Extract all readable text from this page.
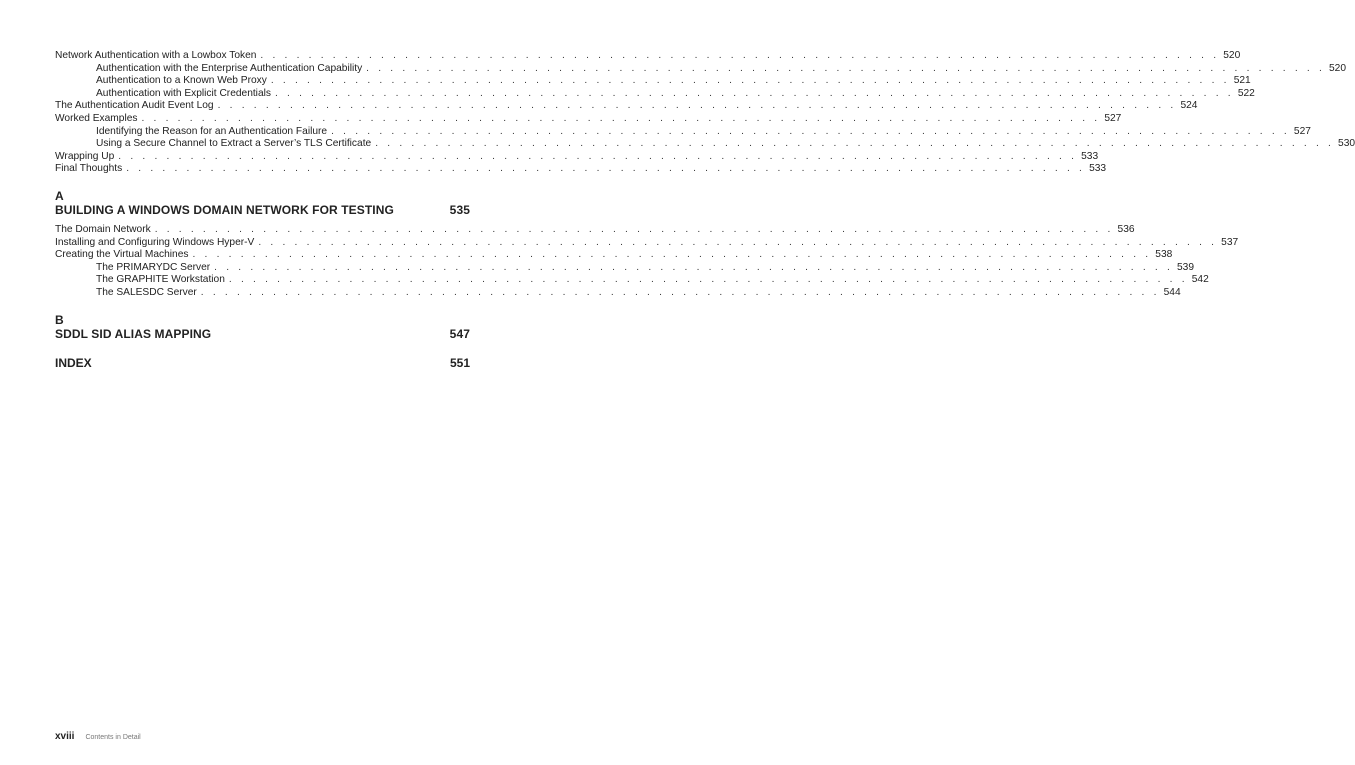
Network Authentication with a Lowbox Token . . . . . . . . . . . . . . . . . . . . . . . . . . . . . . . . . . . . . . . . . . . . . . . . . . . . . . . . . . . . . . . . . . . . . . . . . . . . . . . . 520
Authentication with the Enterprise Authentication Capability . . . . . . . . . . . . . . . . . . . . . . . . . . . . . . . . . . . . . . . . . . . . . . . . . . . . . . . . . . . . . . . . . . . . . . . . . . . . . . . . 520
Authentication to a Known Web Proxy . . . . . . . . . . . . . . . . . . . . . . . . . . . . . . . . . . . . . . . . . . . . . . . . . . . . . . . . . . . . . . . . . . . . . . . . . . . . . . . . 521
Authentication with Explicit Credentials . . . . . . . . . . . . . . . . . . . . . . . . . . . . . . . . . . . . . . . . . . . . . . . . . . . . . . . . . . . . . . . . . . . . . . . . . . . . . . . . 522
The Authentication Audit Event Log . . . . . . . . . . . . . . . . . . . . . . . . . . . . . . . . . . . . . . . . . . . . . . . . . . . . . . . . . . . . . . . . . . . . . . . . . . . . . . . . 524
Worked Examples . . . . . . . . . . . . . . . . . . . . . . . . . . . . . . . . . . . . . . . . . . . . . . . . . . . . . . . . . . . . . . . . . . . . . . . . . . . . . . . . 527
Identifying the Reason for an Authentication Failure . . . . . . . . . . . . . . . . . . . . . . . . . . . . . . . . . . . . . . . . . . . . . . . . . . . . . . . . . . . . . . . . . . . . . . . . . . . . . . . . 527
Using a Secure Channel to Extract a Server’s TLS Certificate . . . . . . . . . . . . . . . . . . . . . . . . . . . . . . . . . . . . . . . . . . . . . . . . . . . . . . . . . . . . . . . . . . . . . . . . . . . . . . . . 530
Wrapping Up . . . . . . . . . . . . . . . . . . . . . . . . . . . . . . . . . . . . . . . . . . . . . . . . . . . . . . . . . . . . . . . . . . . . . . . . . . . . . . . . 533
Final Thoughts . . . . . . . . . . . . . . . . . . . . . . . . . . . . . . . . . . . . . . . . . . . . . . . . . . . . . . . . . . . . . . . . . . . . . . . . . . . . . . . . 533
A
BUILDING A WINDOWS DOMAIN NETWORK FOR TESTING	535
The Domain Network . . . . . . . . . . . . . . . . . . . . . . . . . . . . . . . . . . . . . . . . . . . . . . . . . . . . . . . . . . . . . . . . . . . . . . . . . . . . . . . . 536
Installing and Configuring Windows Hyper-V . . . . . . . . . . . . . . . . . . . . . . . . . . . . . . . . . . . . . . . . . . . . . . . . . . . . . . . . . . . . . . . . . . . . . . . . . . . . . . . . 537
Creating the Virtual Machines . . . . . . . . . . . . . . . . . . . . . . . . . . . . . . . . . . . . . . . . . . . . . . . . . . . . . . . . . . . . . . . . . . . . . . . . . . . . . . . . 538
The PRIMARYDC Server . . . . . . . . . . . . . . . . . . . . . . . . . . . . . . . . . . . . . . . . . . . . . . . . . . . . . . . . . . . . . . . . . . . . . . . . . . . . . . . . 539
The GRAPHITE Workstation . . . . . . . . . . . . . . . . . . . . . . . . . . . . . . . . . . . . . . . . . . . . . . . . . . . . . . . . . . . . . . . . . . . . . . . . . . . . . . . . 542
The SALESDC Server . . . . . . . . . . . . . . . . . . . . . . . . . . . . . . . . . . . . . . . . . . . . . . . . . . . . . . . . . . . . . . . . . . . . . . . . . . . . . . . . 544
B
SDDL SID ALIAS MAPPING	547
INDEX	551
xviii Contents in Detail
